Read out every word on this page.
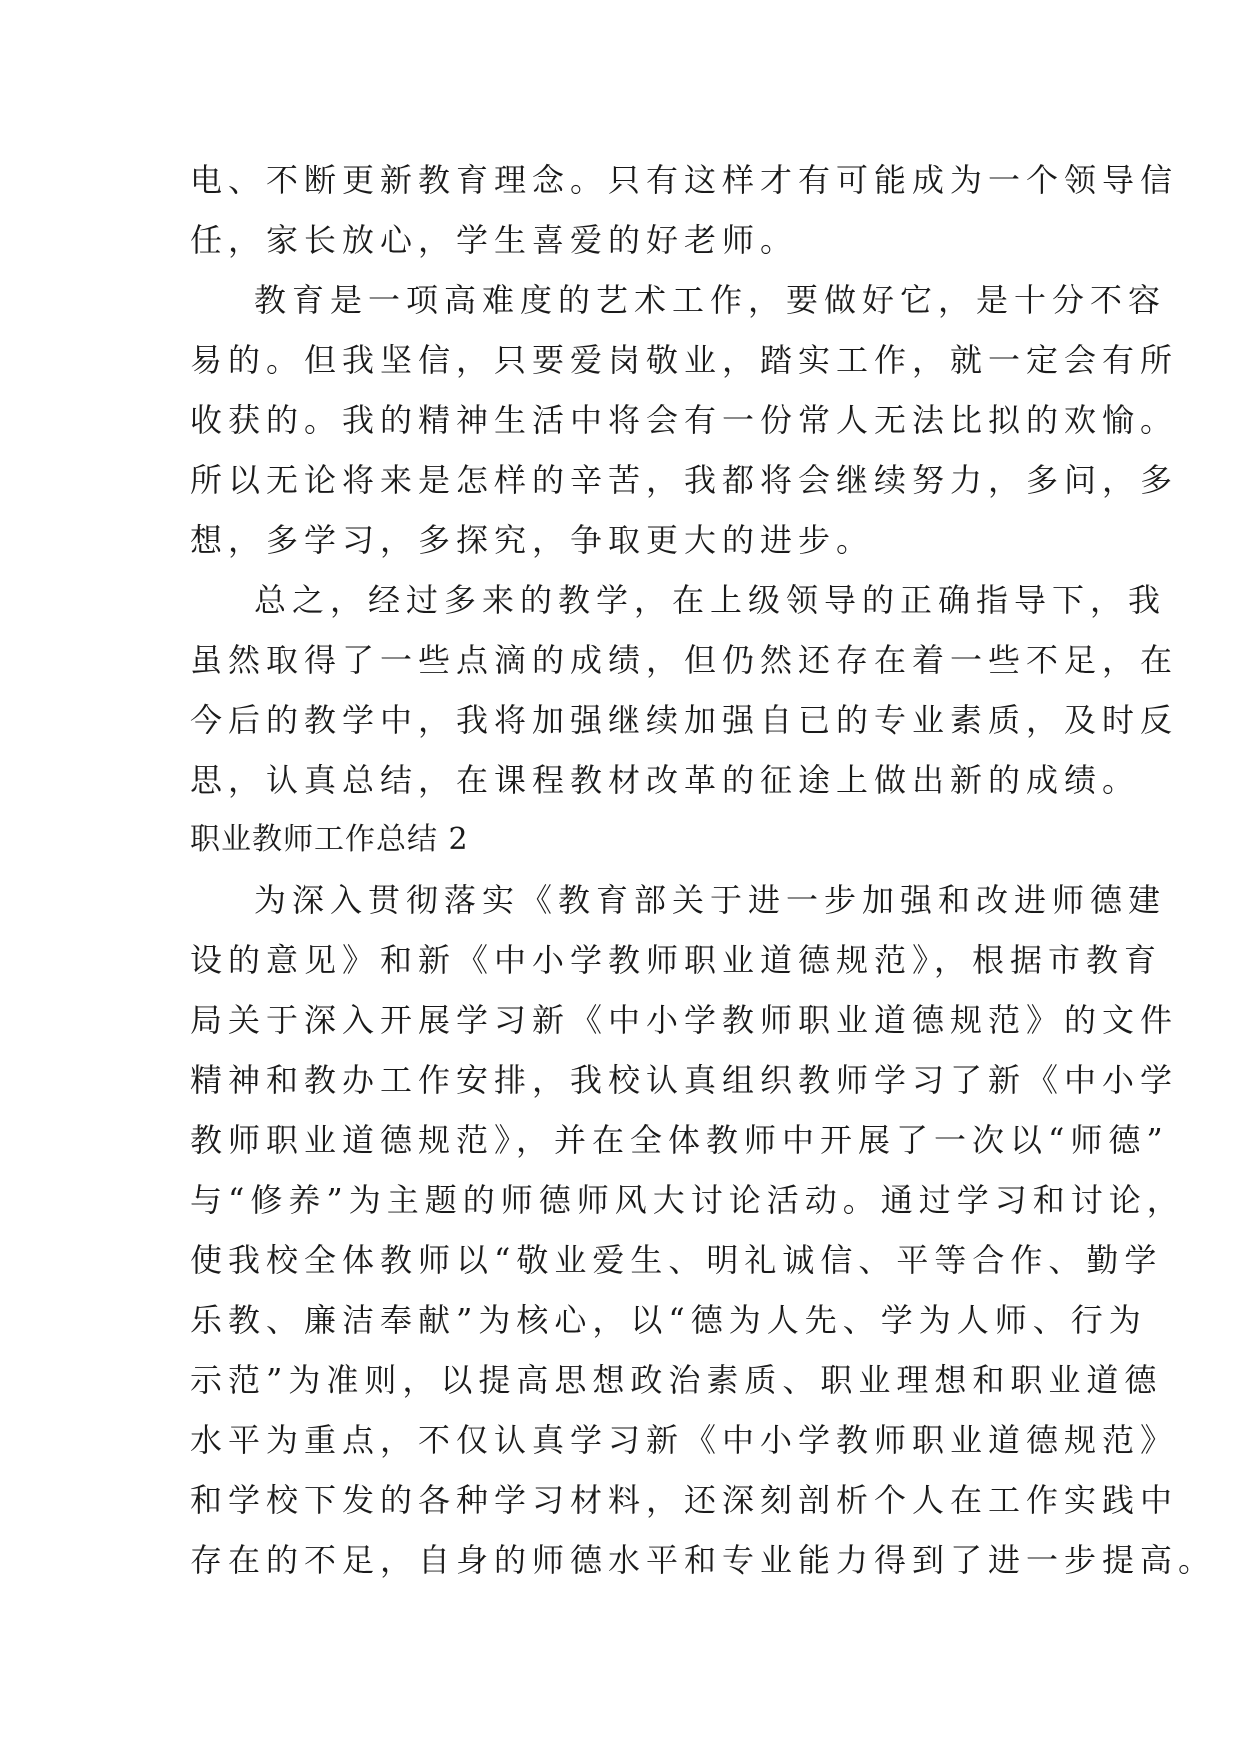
电、不断更新教育理念。只有这样才有可能成为一个领导信
任，家长放心，学生喜爱的好老师。
教育是一项高难度的艺术工作，要做好它，是十分不容
易的。但我坚信，只要爱岗敬业，踏实工作，就一定会有所
收获的。我的精神生活中将会有一份常人无法比拟的欢愉。
所以无论将来是怎样的辛苦，我都将会继续努力，多问，多
想，多学习，多探究，争取更大的进步。
总之，经过多来的教学，在上级领导的正确指导下，我
虽然取得了一些点滴的成绩，但仍然还存在着一些不足，在
今后的教学中，我将加强继续加强自已的专业素质，及时反
思，认真总结，在课程教材改革的征途上做出新的成绩。
职业教师工作总结 2
为深入贯彻落实《教育部关于进一步加强和改进师德建
设的意见》和新《中小学教师职业道德规范》，根据市教育
局关于深入开展学习新《中小学教师职业道德规范》的文件
精神和教办工作安排，我校认真组织教师学习了新《中小学
教师职业道德规范》，并在全体教师中开展了一次以“师德”
与“修养”为主题的师德师风大讨论活动。通过学习和讨论，
使我校全体教师以“敬业爱生、明礼诚信、平等合作、勤学
乐教、廉洁奉献”为核心，以“德为人先、学为人师、行为
示范”为准则，以提高思想政治素质、职业理想和职业道德
水平为重点，不仅认真学习新《中小学教师职业道德规范》
和学校下发的各种学习材料，还深刻剖析个人在工作实践中
存在的不足，自身的师德水平和专业能力得到了进一步提高。
